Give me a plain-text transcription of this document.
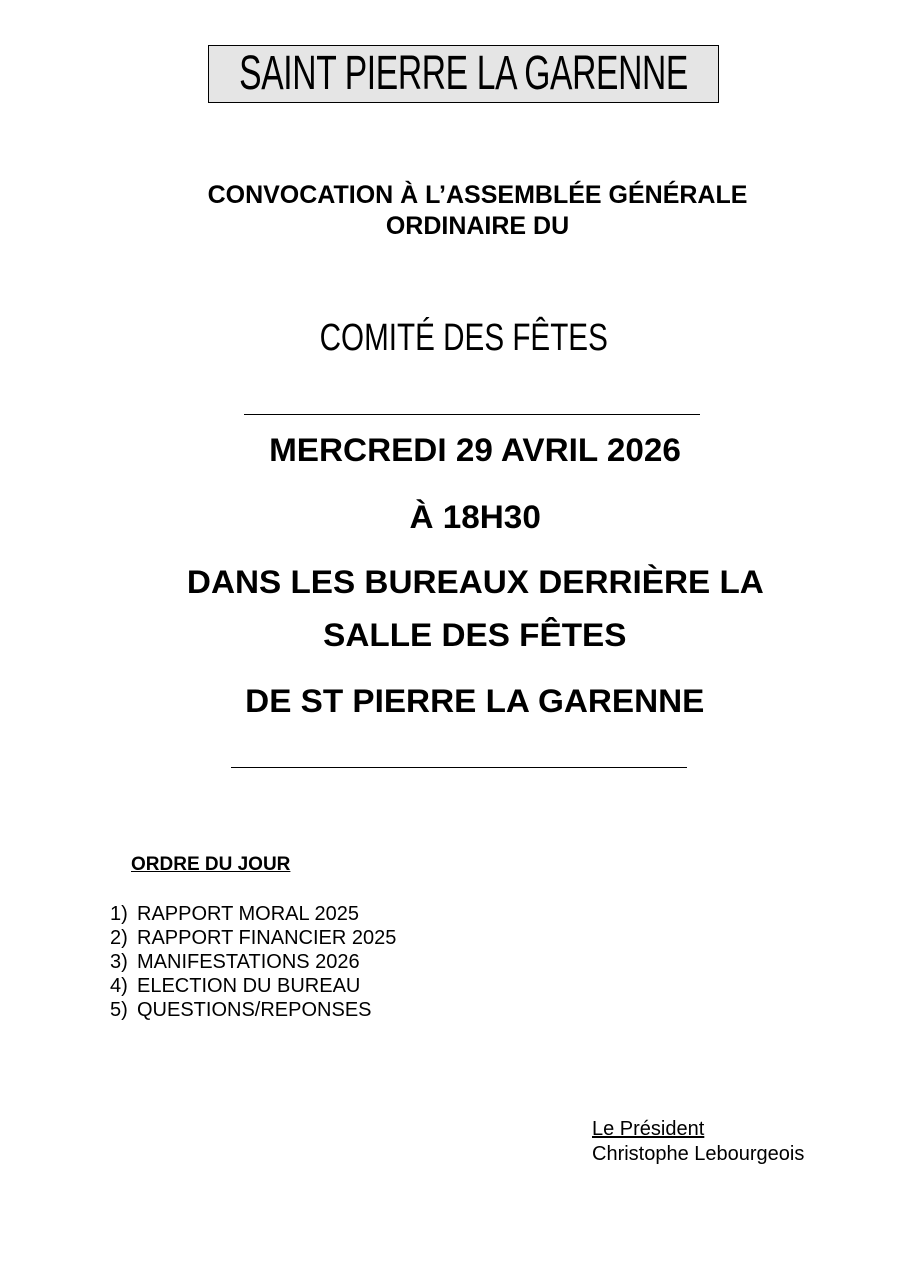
SAINT PIERRE LA GARENNE
CONVOCATION À L’ASSEMBLÉE GÉNÉRALE
ORDINAIRE DU
COMITÉ DES FÊTES
MERCREDI 29 AVRIL 2026
À 18H30
DANS LES BUREAUX DERRIÈRE LA
SALLE DES FÊTES
DE ST PIERRE LA GARENNE
ORDRE DU JOUR
1) RAPPORT MORAL 2025
2) RAPPORT FINANCIER 2025
3) MANIFESTATIONS 2026
4) ELECTION DU BUREAU
5) QUESTIONS/REPONSES
Le Président
Christophe Lebourgeois
